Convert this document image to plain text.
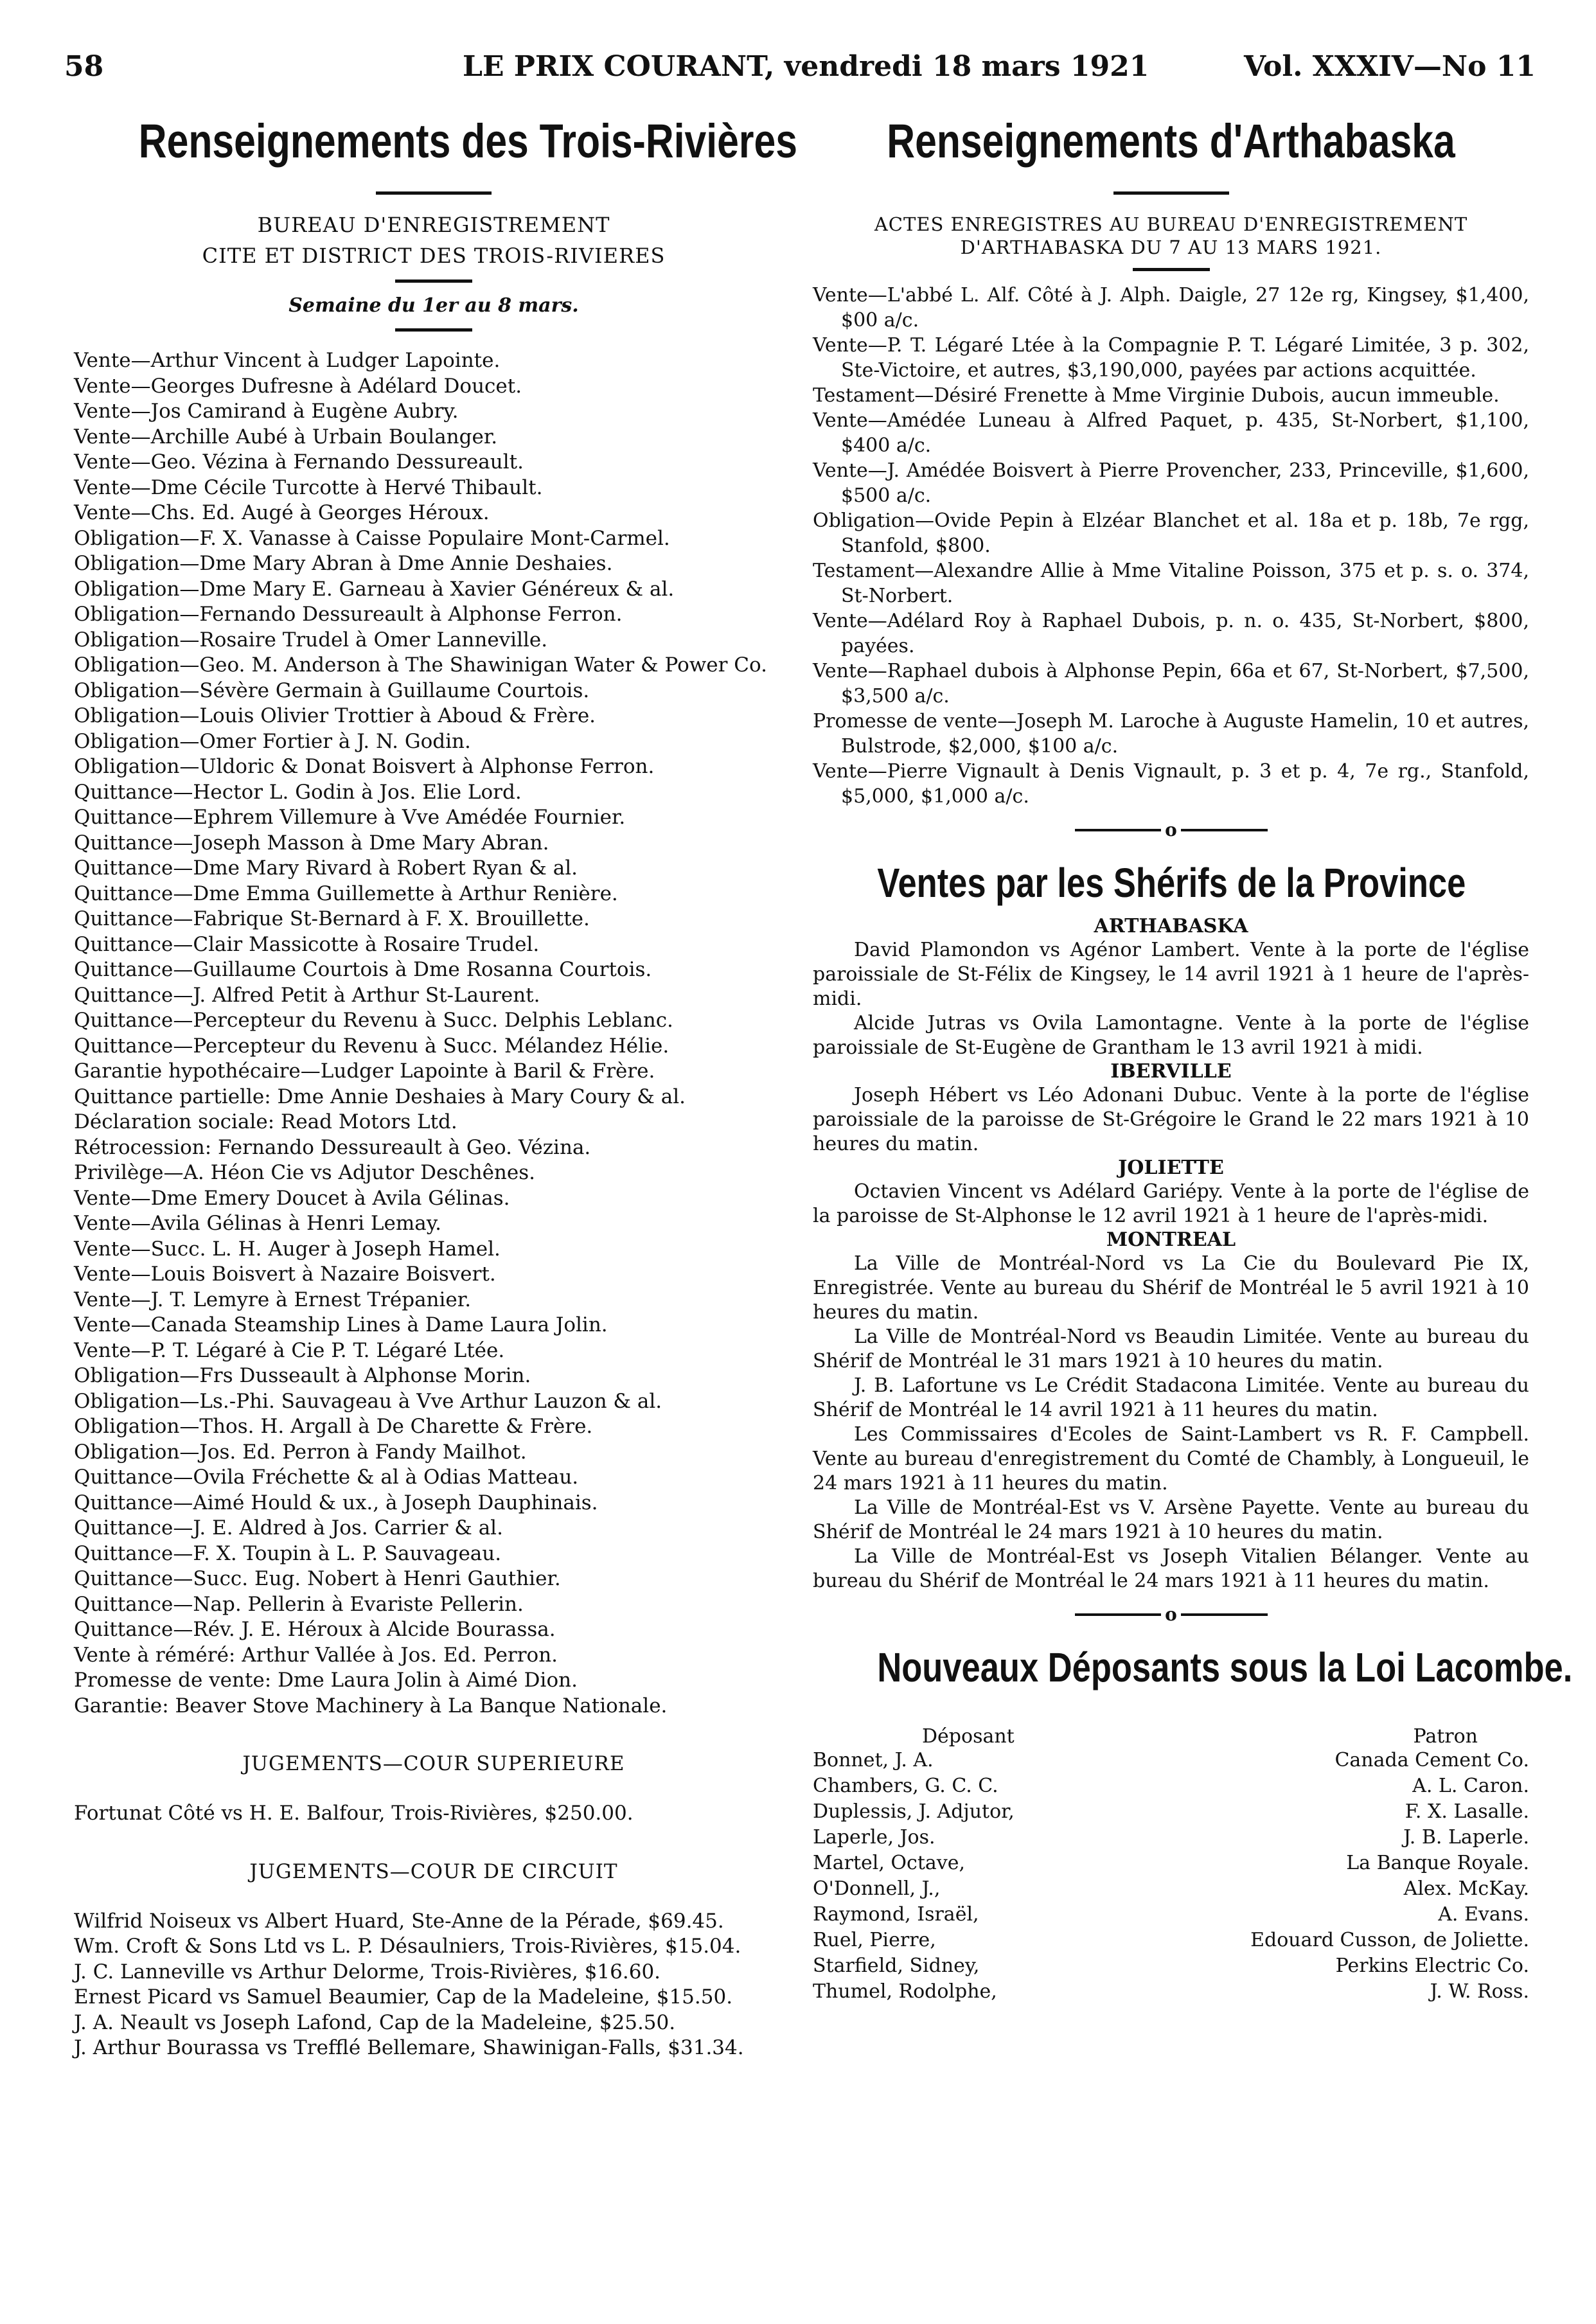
58	LE PRIX COURANT, vendredi 18 mars 1921	Vol. XXXIV—No 11
Renseignements des Trois-Rivières
BUREAU D'ENREGISTREMENT
CITE ET DISTRICT DES TROIS-RIVIERES
Semaine du 1er au 8 mars.
Vente—Arthur Vincent à Ludger Lapointe.
Vente—Georges Dufresne à Adélard Doucet.
Vente—Jos Camirand à Eugène Aubry.
Vente—Archille Aubé à Urbain Boulanger.
Vente—Geo. Vézina à Fernando Dessureault.
Vente—Dme Cécile Turcotte à Hervé Thibault.
Vente—Chs. Ed. Augé à Georges Héroux.
Obligation—F. X. Vanasse à Caisse Populaire Mont-Carmel.
Obligation—Dme Mary Abran à Dme Annie Deshaies.
Obligation—Dme Mary E. Garneau à Xavier Généreux & al.
Obligation—Fernando Dessureault à Alphonse Ferron.
Obligation—Rosaire Trudel à Omer Lanneville.
Obligation—Geo. M. Anderson à The Shawinigan Water & Power Co.
Obligation—Sévère Germain à Guillaume Courtois.
Obligation—Louis Olivier Trottier à Aboud & Frère.
Obligation—Omer Fortier à J. N. Godin.
Obligation—Uldoric & Donat Boisvert à Alphonse Ferron.
Quittance—Hector L. Godin à Jos. Elie Lord.
Quittance—Ephrem Villemure à Vve Amédée Fournier.
Quittance—Joseph Masson à Dme Mary Abran.
Quittance—Dme Mary Rivard à Robert Ryan & al.
Quittance—Dme Emma Guillemette à Arthur Renière.
Quittance—Fabrique St-Bernard à F. X. Brouillette.
Quittance—Clair Massicotte à Rosaire Trudel.
Quittance—Guillaume Courtois à Dme Rosanna Courtois.
Quittance—J. Alfred Petit à Arthur St-Laurent.
Quittance—Percepteur du Revenu à Succ. Delphis Leblanc.
Quittance—Percepteur du Revenu à Succ. Mélandez Hélie.
Garantie hypothécaire—Ludger Lapointe à Baril & Frère.
Quittance partielle: Dme Annie Deshaies à Mary Coury & al.
Déclaration sociale: Read Motors Ltd.
Rétrocession: Fernando Dessureault à Geo. Vézina.
Privilège—A. Héon Cie vs Adjutor Deschênes.
Vente—Dme Emery Doucet à Avila Gélinas.
Vente—Avila Gélinas à Henri Lemay.
Vente—Succ. L. H. Auger à Joseph Hamel.
Vente—Louis Boisvert à Nazaire Boisvert.
Vente—J. T. Lemyre à Ernest Trépanier.
Vente—Canada Steamship Lines à Dame Laura Jolin.
Vente—P. T. Légaré à Cie P. T. Légaré Ltée.
Obligation—Frs Dusseault à Alphonse Morin.
Obligation—Ls.-Phi. Sauvageau à Vve Arthur Lauzon & al.
Obligation—Thos. H. Argall à De Charette & Frère.
Obligation—Jos. Ed. Perron à Fandy Mailhot.
Quittance—Ovila Fréchette & al à Odias Matteau.
Quittance—Aimé Hould & ux., à Joseph Dauphinais.
Quittance—J. E. Aldred à Jos. Carrier & al.
Quittance—F. X. Toupin à L. P. Sauvageau.
Quittance—Succ. Eug. Nobert à Henri Gauthier.
Quittance—Nap. Pellerin à Evariste Pellerin.
Quittance—Rév. J. E. Héroux à Alcide Bourassa.
Vente à réméré: Arthur Vallée à Jos. Ed. Perron.
Promesse de vente: Dme Laura Jolin à Aimé Dion.
Garantie: Beaver Stove Machinery à La Banque Nationale.
JUGEMENTS—COUR SUPERIEURE
Fortunat Côté vs H. E. Balfour, Trois-Rivières, $250.00.
JUGEMENTS—COUR DE CIRCUIT
Wilfrid Noiseux vs Albert Huard, Ste-Anne de la Pérade, $69.45.
Wm. Croft & Sons Ltd vs L. P. Désaulniers, Trois-Rivières, $15.04.
J. C. Lanneville vs Arthur Delorme, Trois-Rivières, $16.60.
Ernest Picard vs Samuel Beaumier, Cap de la Madeleine, $15.50.
J. A. Neault vs Joseph Lafond, Cap de la Madeleine, $25.50.
J. Arthur Bourassa vs Trefflé Bellemare, Shawinigan-Falls, $31.34.
Renseignements d'Arthabaska
ACTES ENREGISTRES AU BUREAU D'ENREGISTREMENT D'ARTHABASKA DU 7 AU 13 MARS 1921.
Vente—L'abbé L. Alf. Côté à J. Alph. Daigle, 27 12e rg, Kingsey, $1,400, $00 a/c.
Vente—P. T. Légaré Ltée à la Compagnie P. T. Légaré Limitée, 3 p. 302, Ste-Victoire, et autres, $3,190,000, payées par actions acquittée.
Testament—Désiré Frenette à Mme Virginie Dubois, aucun immeuble.
Vente—Amédée Luneau à Alfred Paquet, p. 435, St-Norbert, $1,100, $400 a/c.
Vente—J. Amédée Boisvert à Pierre Provencher, 233, Princeville, $1,600, $500 a/c.
Obligation—Ovide Pepin à Elzéar Blanchet et al. 18a et p. 18b, 7e rgg, Stanfold, $800.
Testament—Alexandre Allie à Mme Vitaline Poisson, 375 et p. s. o. 374, St-Norbert.
Vente—Adélard Roy à Raphael Dubois, p. n. o. 435, St-Norbert, $800, payées.
Vente—Raphael dubois à Alphonse Pepin, 66a et 67, St-Norbert, $7,500, $3,500 a/c.
Promesse de vente—Joseph M. Laroche à Auguste Hamelin, 10 et autres, Bulstrode, $2,000, $100 a/c.
Vente—Pierre Vignault à Denis Vignault, p. 3 et p. 4, 7e rg., Stanfold, $5,000, $1,000 a/c.
o
Ventes par les Shérifs de la Province
ARTHABASKA
David Plamondon vs Agénor Lambert. Vente à la porte de l'église paroissiale de St-Félix de Kingsey, le 14 avril 1921 à 1 heure de l'après-midi.
Alcide Jutras vs Ovila Lamontagne. Vente à la porte de l'église paroissiale de St-Eugène de Grantham le 13 avril 1921 à midi.
IBERVILLE
Joseph Hébert vs Léo Adonani Dubuc. Vente à la porte de l'église paroissiale de la paroisse de St-Grégoire le Grand le 22 mars 1921 à 10 heures du matin.
JOLIETTE
Octavien Vincent vs Adélard Gariépy. Vente à la porte de l'église de la paroisse de St-Alphonse le 12 avril 1921 à 1 heure de l'après-midi.
MONTREAL
La Ville de Montréal-Nord vs La Cie du Boulevard Pie IX, Enregistrée. Vente au bureau du Shérif de Montréal le 5 avril 1921 à 10 heures du matin.
La Ville de Montréal-Nord vs Beaudin Limitée. Vente au bureau du Shérif de Montréal le 31 mars 1921 à 10 heures du matin.
J. B. Lafortune vs Le Crédit Stadacona Limitée. Vente au bureau du Shérif de Montréal le 14 avril 1921 à 11 heures du matin.
Les Commissaires d'Ecoles de Saint-Lambert vs R. F. Campbell. Vente au bureau d'enregistrement du Comté de Chambly, à Longueuil, le 24 mars 1921 à 11 heures du matin.
La Ville de Montréal-Est vs V. Arsène Payette. Vente au bureau du Shérif de Montréal le 24 mars 1921 à 10 heures du matin.
La Ville de Montréal-Est vs Joseph Vitalien Bélanger. Vente au bureau du Shérif de Montréal le 24 mars 1921 à 11 heures du matin.
o
Nouveaux Déposants sous la Loi Lacombe.
Déposant	Patron
Bonnet, J. A.	Canada Cement Co.
Chambers, G. C. C.	A. L. Caron.
Duplessis, J. Adjutor,	F. X. Lasalle.
Laperle, Jos.	J. B. Laperle.
Martel, Octave,	La Banque Royale.
O'Donnell, J.,	Alex. McKay.
Raymond, Israël,	A. Evans.
Ruel, Pierre,	Edouard Cusson, de Joliette.
Starfield, Sidney,	Perkins Electric Co.
Thumel, Rodolphe,	J. W. Ross.
